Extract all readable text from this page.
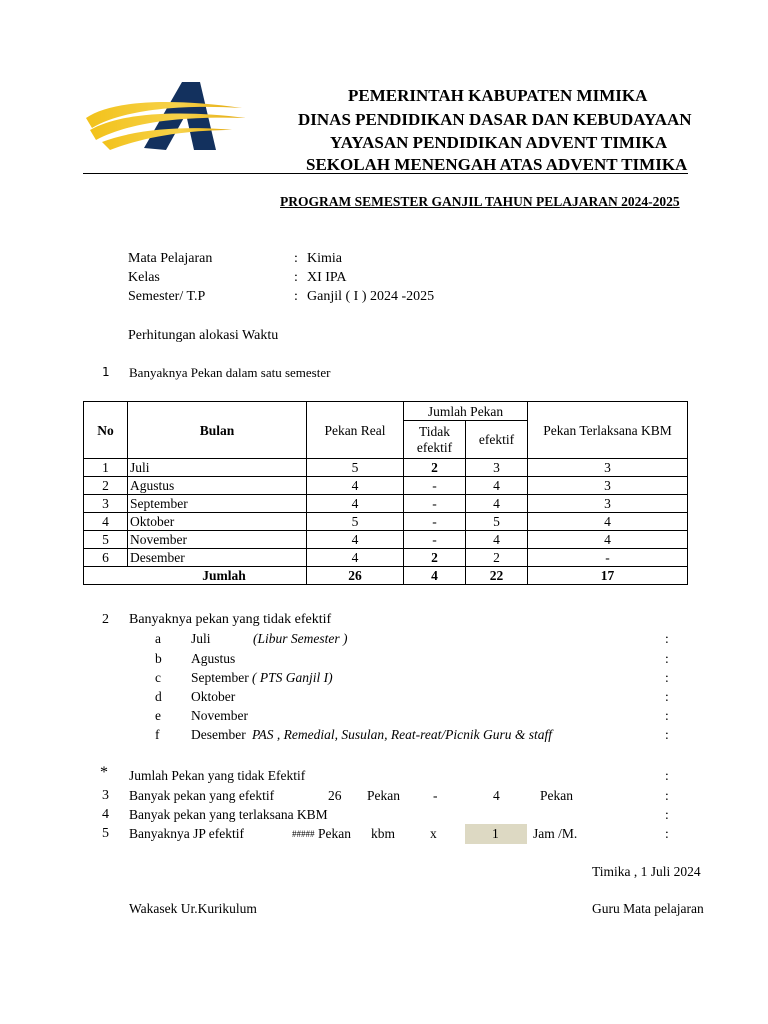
PEMERINTAH KABUPATEN MIMIKA
DINAS PENDIDIKAN DASAR DAN KEBUDAYAAN
YAYASAN PENDIDIKAN ADVENT TIMIKA
SEKOLAH MENENGAH ATAS ADVENT TIMIKA
PROGRAM SEMESTER GANJIL TAHUN PELAJARAN 2024-2025
Mata Pelajaran	: Kimia
Kelas	: XI IPA
Semester/ T.P	: Ganjil ( I ) 2024 -2025
Perhitungan alokasi Waktu
1 Banyaknya Pekan dalam satu semester
No	Bulan	Pekan Real	Jumlah Pekan		Pekan Terlaksana KBM
			Tidak efektif	efektif	
1	Juli	5	2	3	3
2	Agustus	4	-	4	3
3	September	4	-	4	3
4	Oktober	5	-	5	4
5	November	4	-	4	4
6	Desember	4	2	2	-
Jumlah		26	4	22	17
2 Banyaknya pekan yang tidak efektif
a Juli	(Libur Semester )	:
b Agustus	:
c September ( PTS Ganjil I)	:
d Oktober	:
e November	:
f Desember PAS , Remedial, Susulan, Reat-reat/Picnik Guru & staff	:
* Jumlah Pekan yang tidak Efektif	:
3 Banyak pekan yang efektif	26 Pekan -	4	Pekan	:
4 Banyak pekan yang terlaksana KBM	:
5 Banyaknya JP efektif	##### Pekan kbm	x	1	Jam /M.	:
Timika , 1 Juli 2024
Wakasek Ur.Kurikulum	Guru Mata pelajaran
